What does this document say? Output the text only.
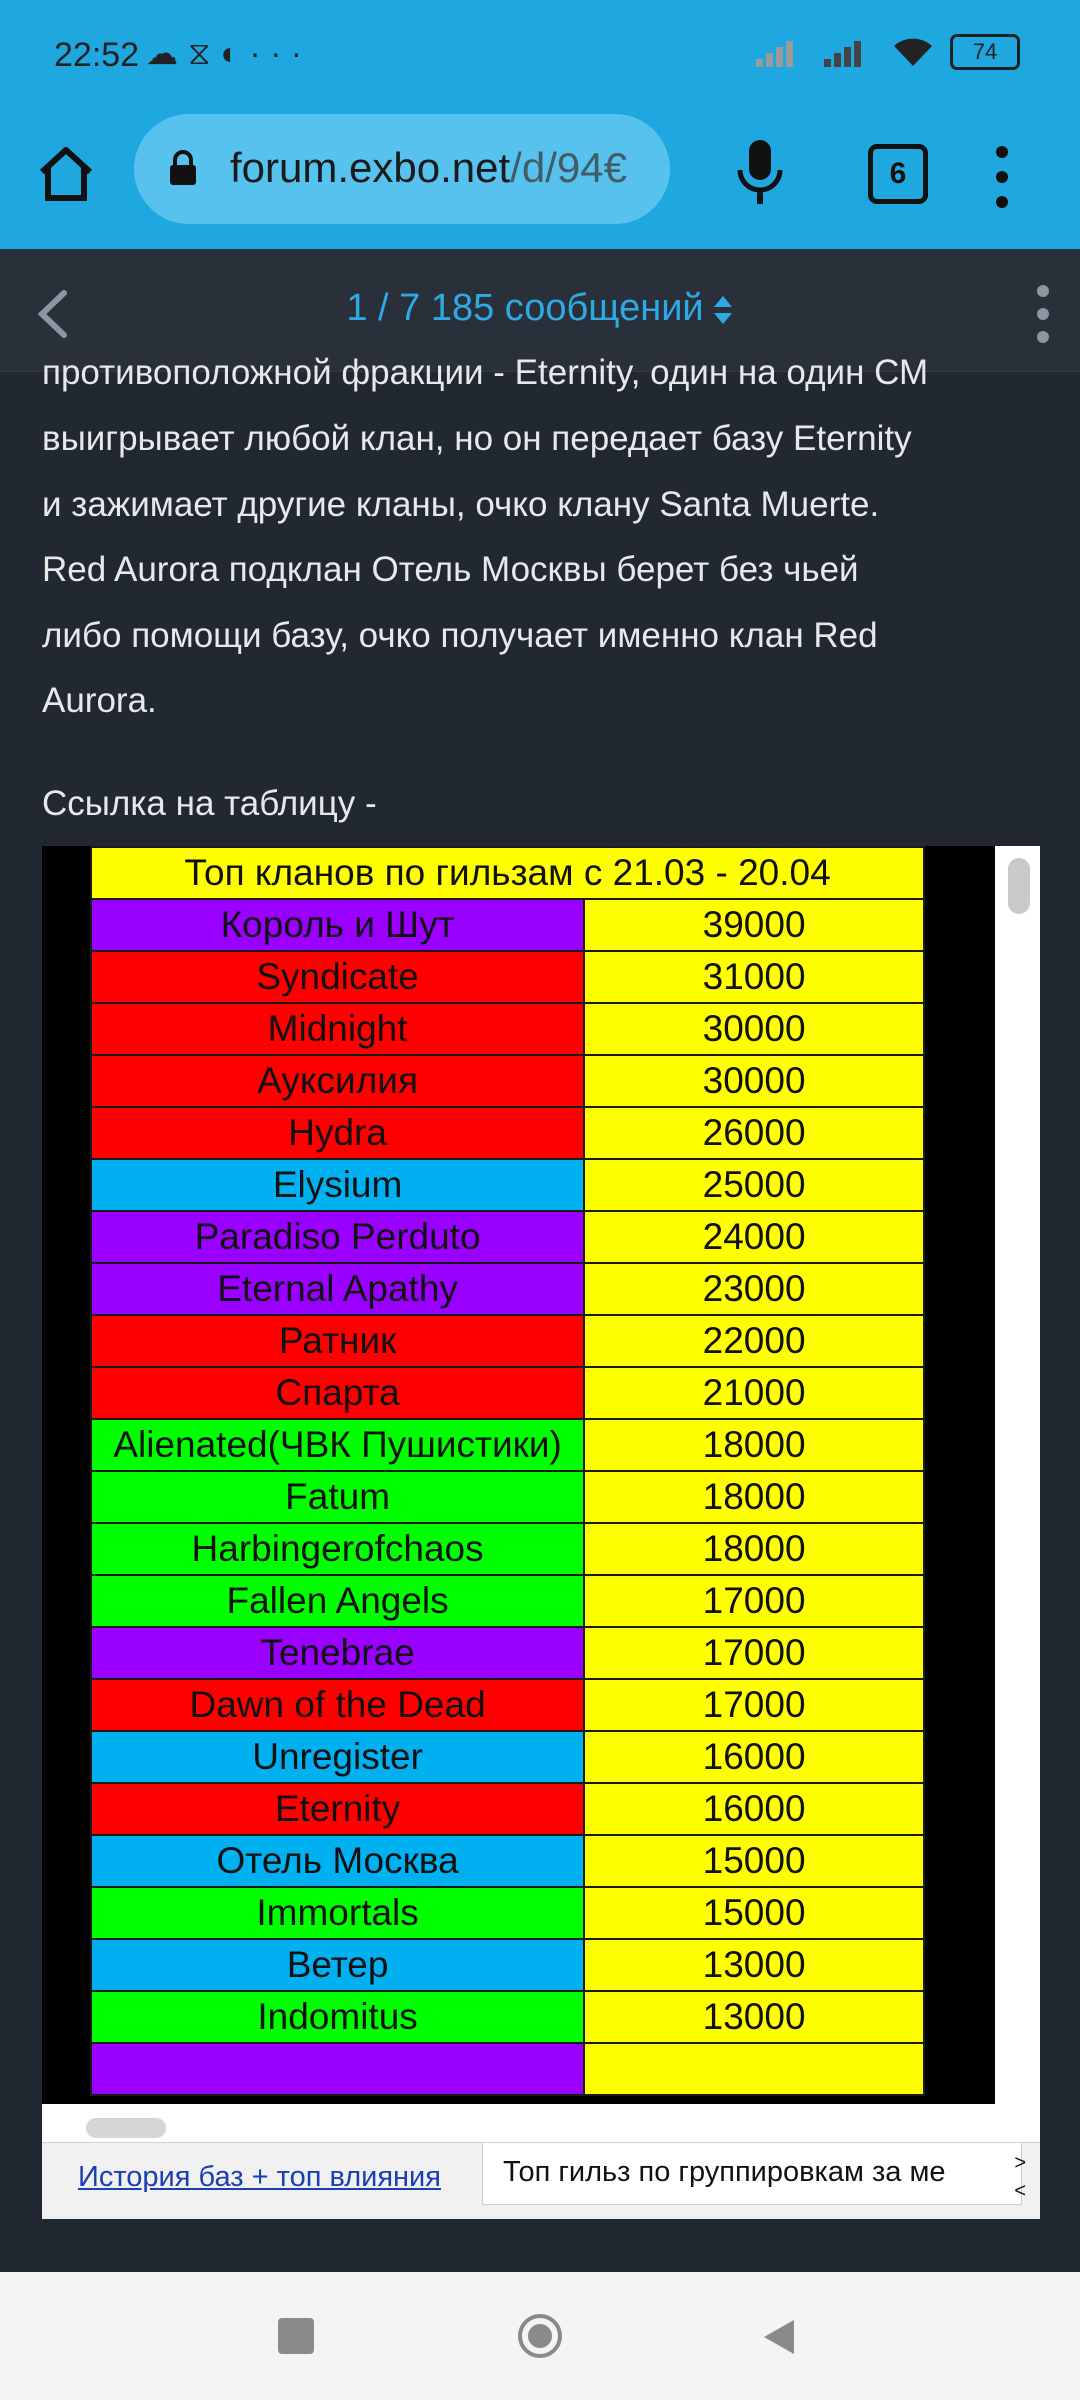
22:52 ☁⧖◐···	74
forum.exbo.net/d/94€	6
1 / 7 185 сообщений

противоположной фракции - Eternity, один на один СМ

выигрывает любой клан, но он передает базу Eternity

и зажимает другие кланы, очко клану Santa Muerte.

Red Aurora подклан Отель Москвы берет без чьей

либо помощи базу, очко получает именно клан Red

Aurora.

Ссылка на таблицу -
Топ кланов по гильзам с 21.03 - 20.04	
Король и Шут	39000
Syndicate	31000
Midnight	30000
Ауксилия	30000
Hydra	26000
Elysium	25000
Paradiso Perduto	24000
Eternal Apathy	23000
Ратник	22000
Спарта	21000
Alienated(ЧВК Пушистики)	18000
Fatum	18000
Harbingerofchaos	18000
Fallen Angels	17000
Tenebrae	17000
Dawn of the Dead	17000
Unregister	16000
Eternity	16000
Отель Москва	15000
Immortals	15000
Ветер	13000
Indomitus	13000

История баз + топ влияния	Топ гильз по группировкам за ме	>
<
